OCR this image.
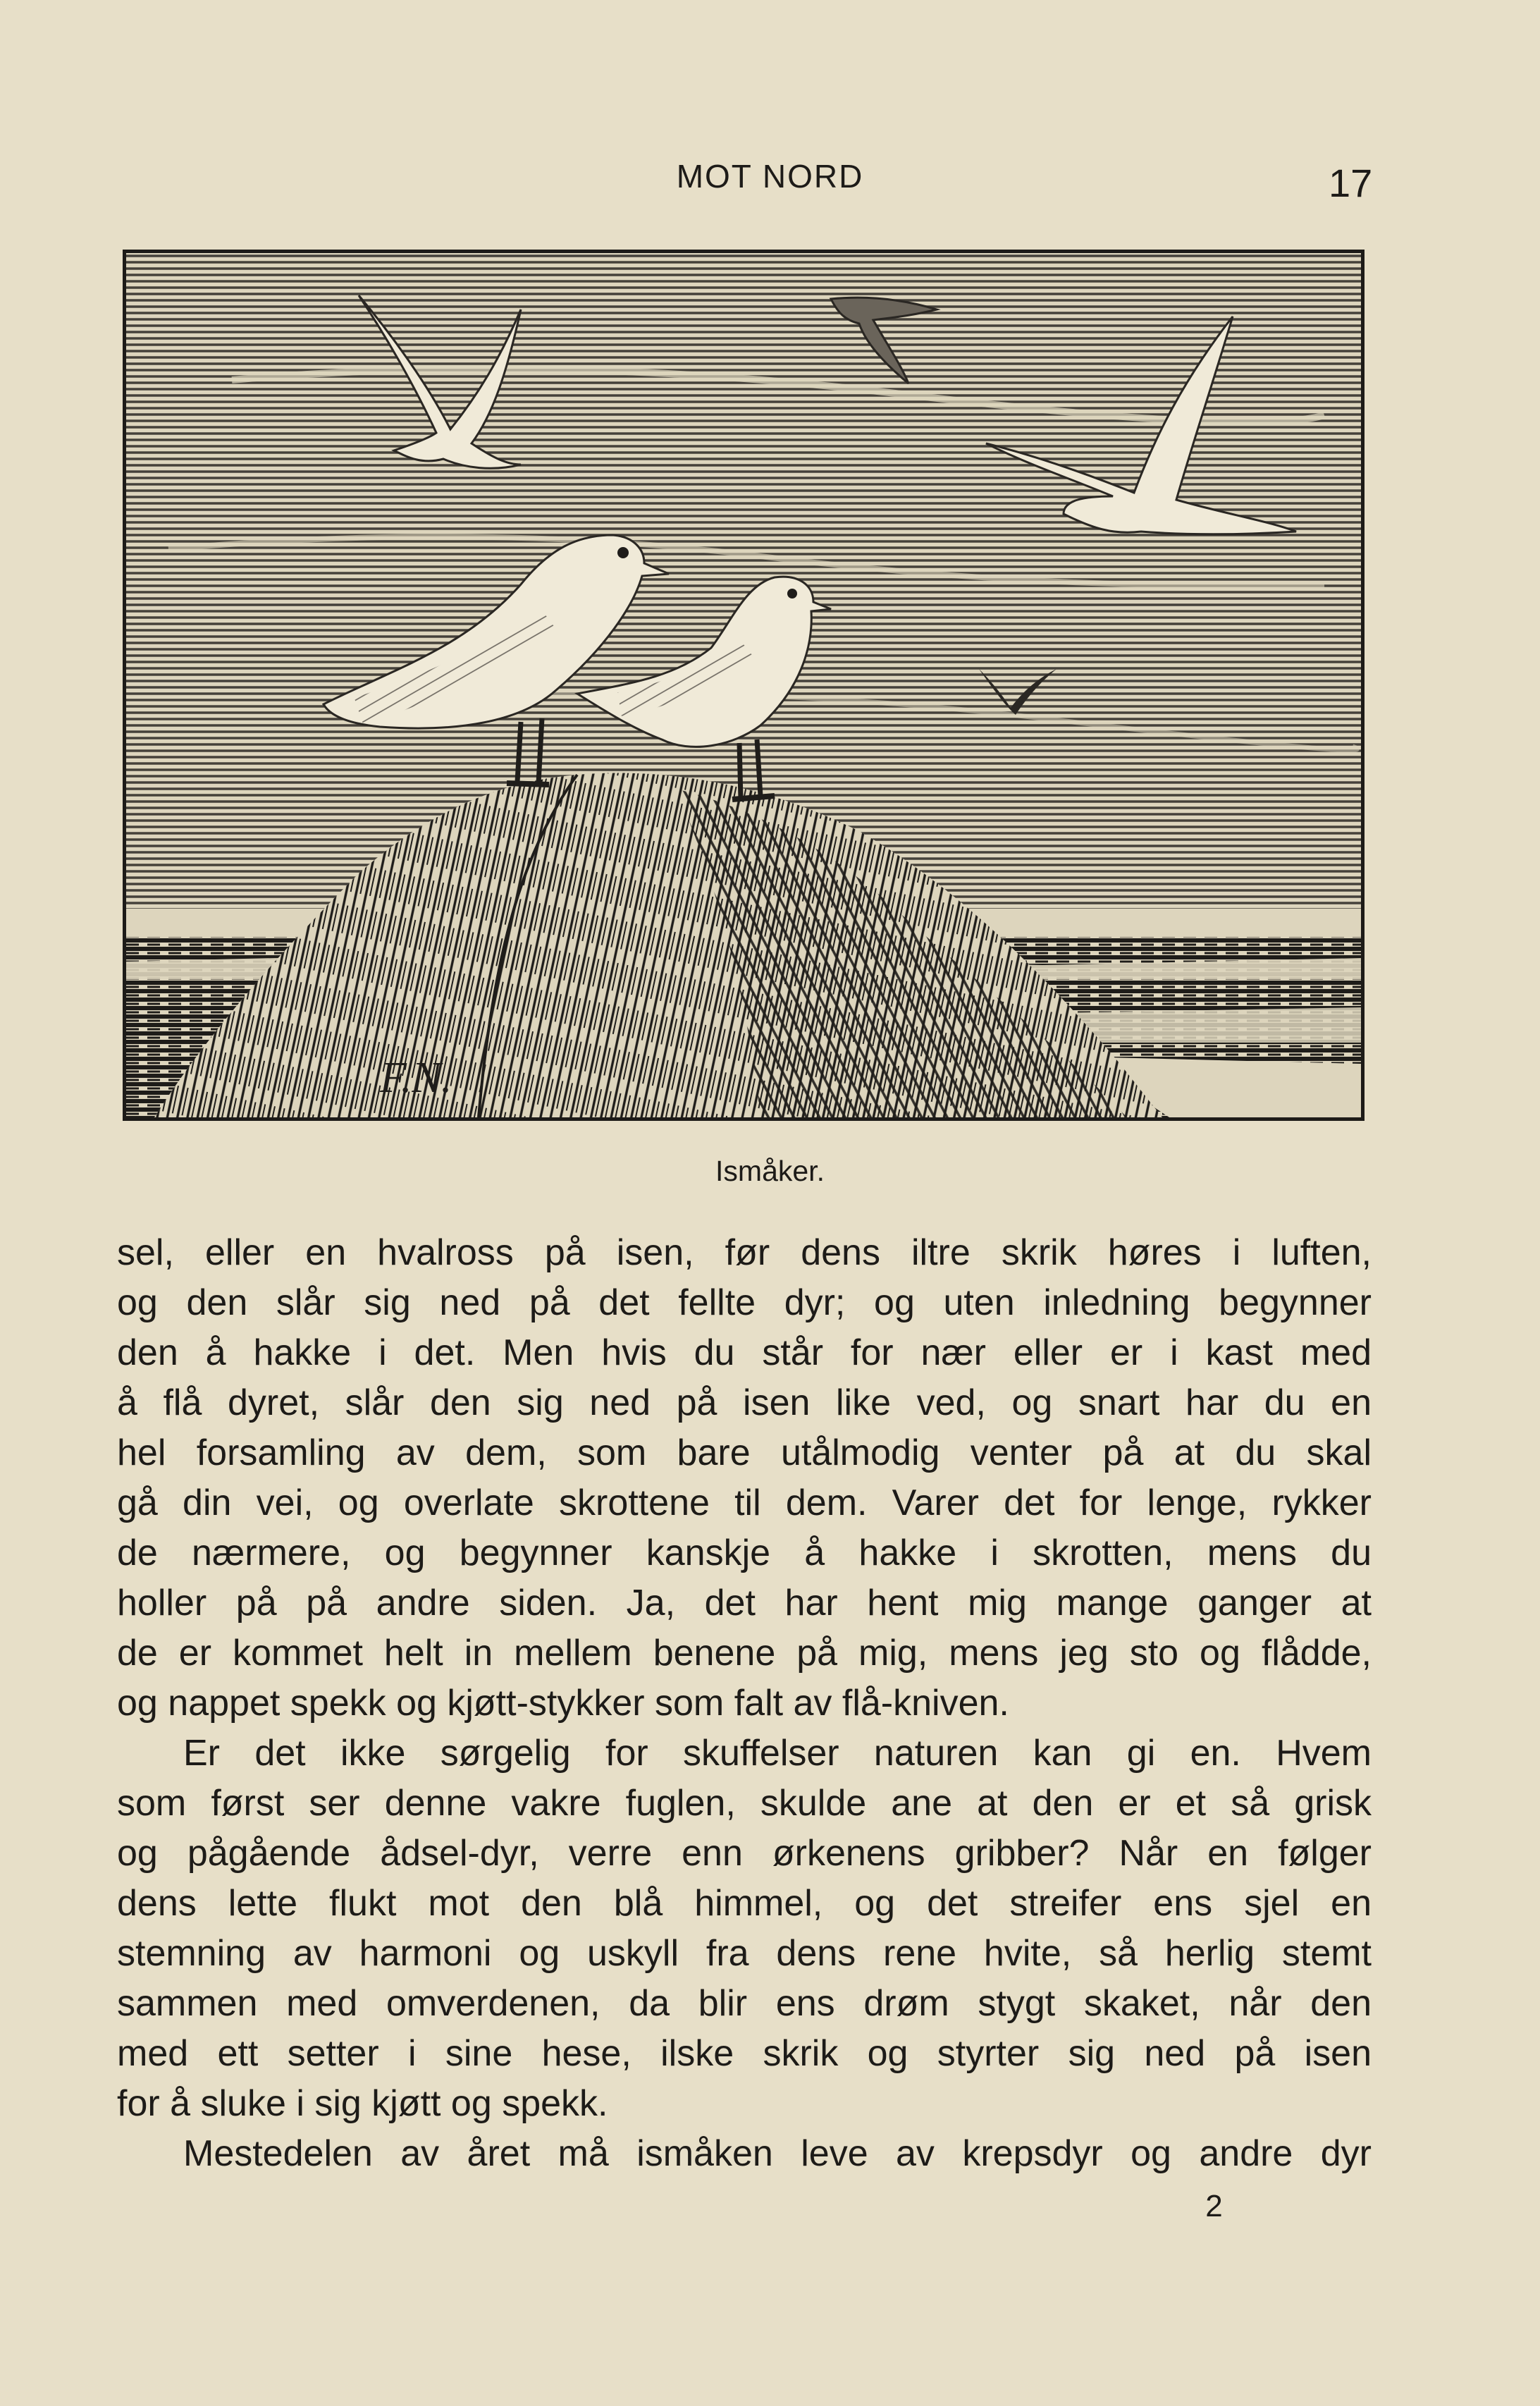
MOT NORD	17
F.N.
Ismåker.
sel, eller en hvalross på isen, før dens iltre skrik høres i luften,
og den slår sig ned på det fellte dyr; og uten inledning begynner
den å hakke i det. Men hvis du står for nær eller er i kast med
å flå dyret, slår den sig ned på isen like ved, og snart har du en
hel forsamling av dem, som bare utålmodig venter på at du skal
gå din vei, og overlate skrottene til dem. Varer det for lenge, rykker
de nærmere, og begynner kanskje å hakke i skrotten, mens du
holler på på andre siden. Ja, det har hent mig mange ganger at
de er kommet helt in mellem benene på mig, mens jeg sto og flådde,
og nappet spekk og kjøtt-stykker som falt av flå-kniven.
Er det ikke sørgelig for skuffelser naturen kan gi en. Hvem
som først ser denne vakre fuglen, skulde ane at den er et så grisk
og pågående ådsel-dyr, verre enn ørkenens gribber? Når en følger
dens lette flukt mot den blå himmel, og det streifer ens sjel en
stemning av harmoni og uskyll fra dens rene hvite, så herlig stemt
sammen med omverdenen, da blir ens drøm stygt skaket, når den
med ett setter i sine hese, ilske skrik og styrter sig ned på isen
for å sluke i sig kjøtt og spekk.
Mestedelen av året må ismåken leve av krepsdyr og andre dyr
2
